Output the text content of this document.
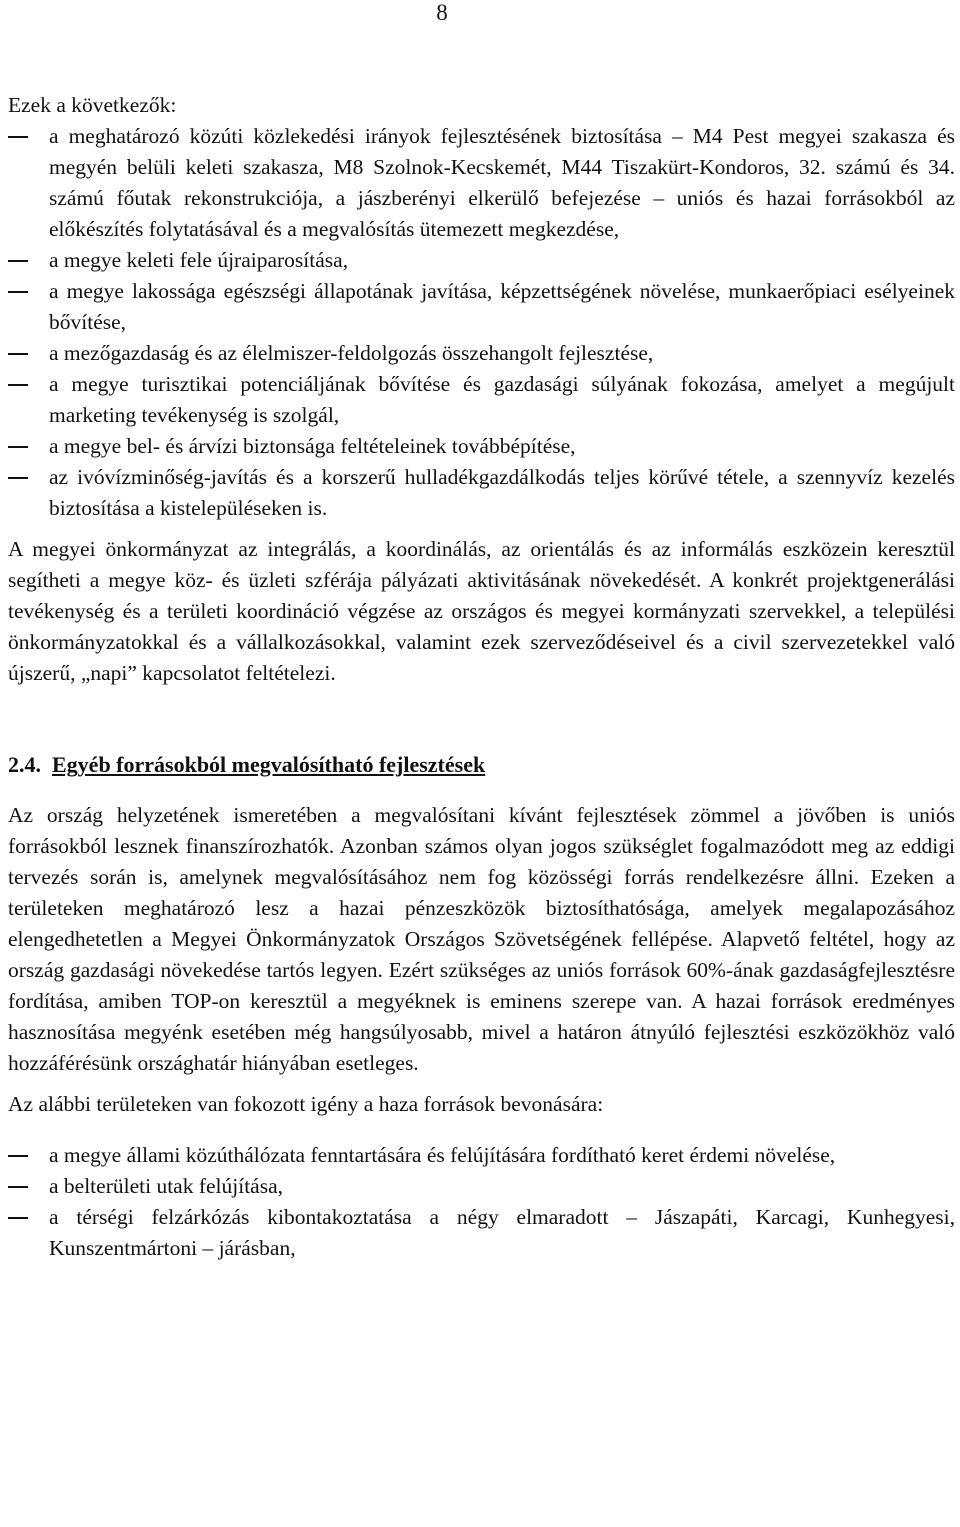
8

Ezek a következők:

a meghatározó közúti közlekedési irányok fejlesztésének biztosítása – M4 Pest megyei szakasza és megyén belüli keleti szakasza, M8 Szolnok-Kecskemét, M44 Tiszakürt-Kondoros, 32. számú és 34. számú főutak rekonstrukciója, a jászberényi elkerülő befejezése – uniós és hazai forrásokból az előkészítés folytatásával és a megvalósítás ütemezett megkezdése,
a megye keleti fele újraiparosítása,
a megye lakossága egészségi állapotának javítása, képzettségének növelése, munkaerőpiaci esélyeinek bővítése,
a mezőgazdaság és az élelmiszer-feldolgozás összehangolt fejlesztése,
a megye turisztikai potenciáljának bővítése és gazdasági súlyának fokozása, amelyet a megújult marketing tevékenység is szolgál,
a megye bel- és árvízi biztonsága feltételeinek továbbépítése,
az ivóvízminőség-javítás és a korszerű hulladékgazdálkodás teljes körűvé tétele, a szennyvíz kezelés biztosítása a kistelepüléseken is.

A megyei önkormányzat az integrálás, a koordinálás, az orientálás és az informálás eszközein keresztül segítheti a megye köz- és üzleti szférája pályázati aktivitásának növekedését. A konkrét projektgenerálási tevékenység és a területi koordináció végzése az országos és megyei kormányzati szervekkel, a települési önkormányzatokkal és a vállalkozásokkal, valamint ezek szerveződéseivel és a civil szervezetekkel való újszerű, „napi” kapcsolatot feltételezi.

2.4. Egyéb forrásokból megvalósítható fejlesztések

Az ország helyzetének ismeretében a megvalósítani kívánt fejlesztések zömmel a jövőben is uniós forrásokból lesznek finanszírozhatók. Azonban számos olyan jogos szükséglet fogalmazódott meg az eddigi tervezés során is, amelynek megvalósításához nem fog közösségi forrás rendelkezésre állni. Ezeken a területeken meghatározó lesz a hazai pénzeszközök biztosíthatósága, amelyek megalapozásához elengedhetetlen a Megyei Önkormányzatok Országos Szövetségének fellépése. Alapvető feltétel, hogy az ország gazdasági növekedése tartós legyen. Ezért szükséges az uniós források 60%-ának gazdaságfejlesztésre fordítása, amiben TOP-on keresztül a megyéknek is eminens szerepe van. A hazai források eredményes hasznosítása megyénk esetében még hangsúlyosabb, mivel a határon átnyúló fejlesztési eszközökhöz való hozzáférésünk országhatár hiányában esetleges.

Az alábbi területeken van fokozott igény a haza források bevonására:

a megye állami közúthálózata fenntartására és felújítására fordítható keret érdemi növelése,
a belterületi utak felújítása,
a térségi felzárkózás kibontakoztatása a négy elmaradott – Jászapáti, Karcagi, Kunhegyesi, Kunszentmártoni – járásban,
